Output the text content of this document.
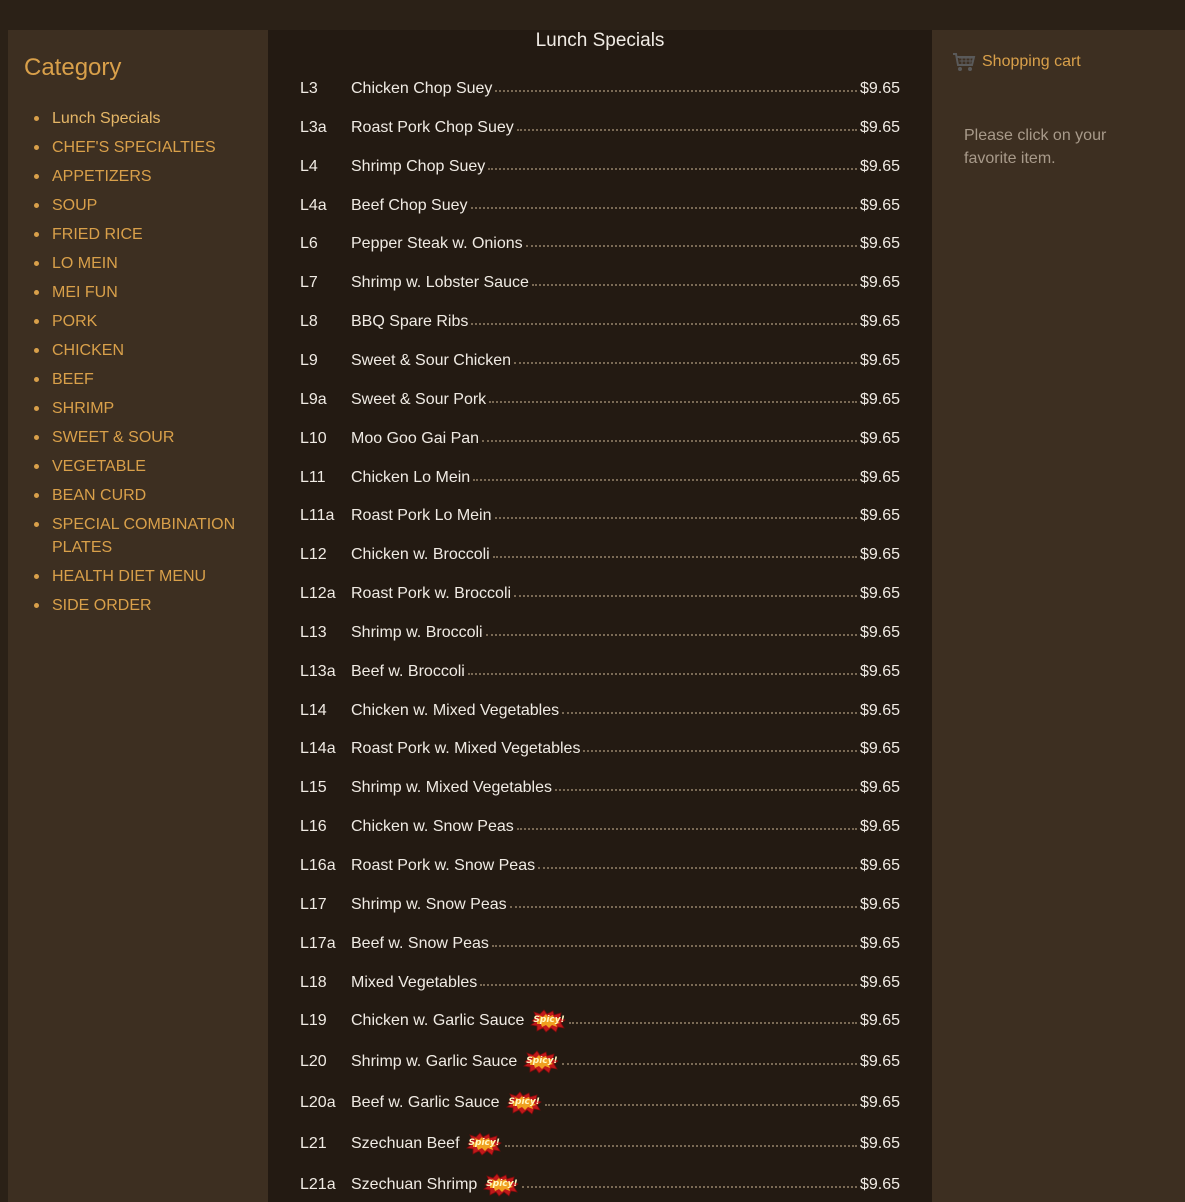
Category
Lunch Specials
CHEF'S SPECIALTIES
APPETIZERS
SOUP
FRIED RICE
LO MEIN
MEI FUN
PORK
CHICKEN
BEEF
SHRIMP
SWEET & SOUR
VEGETABLE
BEAN CURD
SPECIAL COMBINATION PLATES
HEALTH DIET MENU
SIDE ORDER
Lunch Specials
L3	Chicken Chop Suey	$9.65
L3a	Roast Pork Chop Suey	$9.65
L4	Shrimp Chop Suey	$9.65
L4a	Beef Chop Suey	$9.65
L6	Pepper Steak w. Onions	$9.65
L7	Shrimp w. Lobster Sauce	$9.65
L8	BBQ Spare Ribs	$9.65
L9	Sweet & Sour Chicken	$9.65
L9a	Sweet & Sour Pork	$9.65
L10	Moo Goo Gai Pan	$9.65
L11	Chicken Lo Mein	$9.65
L11a	Roast Pork Lo Mein	$9.65
L12	Chicken w. Broccoli	$9.65
L12a Roast Pork w. Broccoli	$9.65
L13	Shrimp w. Broccoli	$9.65
L13a Beef w. Broccoli	$9.65
L14	Chicken w. Mixed Vegetables	$9.65
L14a Roast Pork w. Mixed Vegetables	$9.65
L15	Shrimp w. Mixed Vegetables	$9.65
L16	Chicken w. Snow Peas	$9.65
L16a Roast Pork w. Snow Peas	$9.65
L17	Shrimp w. Snow Peas	$9.65
L17a Beef w. Snow Peas	$9.65
L18	Mixed Vegetables	$9.65
L19	Chicken w. Garlic Sauce Spicy!	$9.65
L20	Shrimp w. Garlic Sauce Spicy!	$9.65
L20a Beef w. Garlic Sauce Spicy!	$9.65
L21	Szechuan Beef Spicy!	$9.65
L21a Szechuan Shrimp Spicy!	$9.65
Shopping cart
Please click on your favorite item.
